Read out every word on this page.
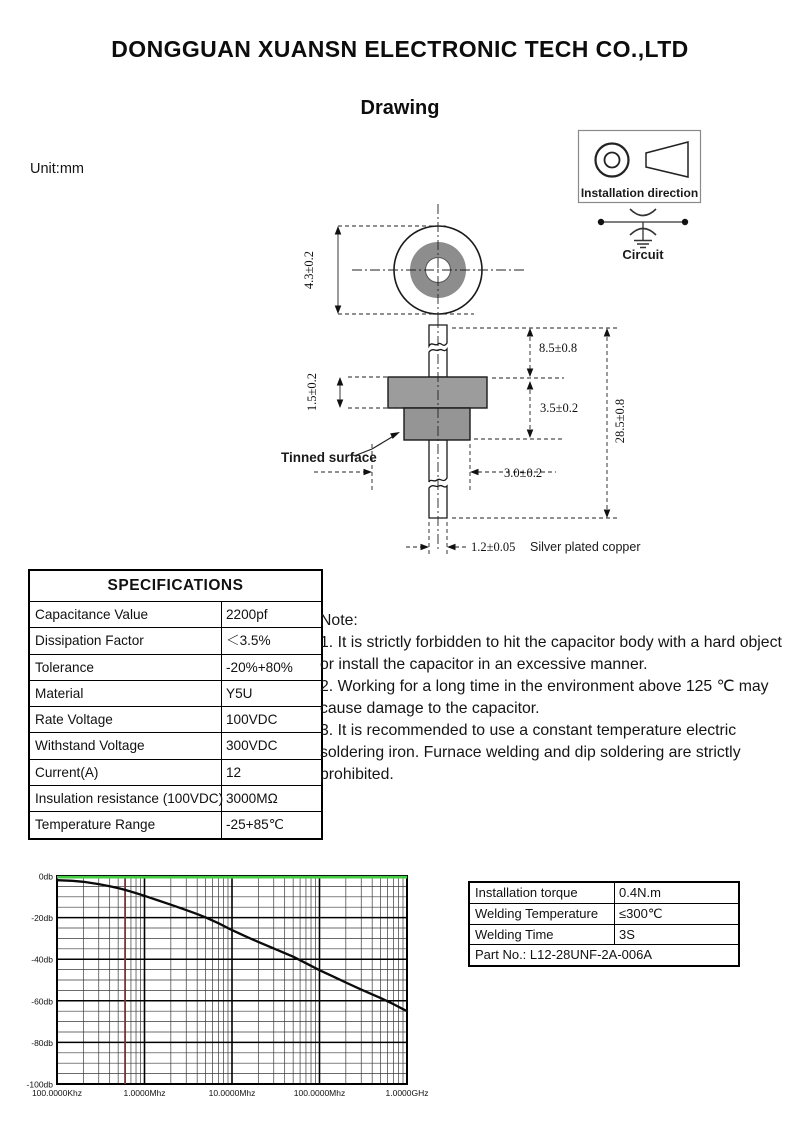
DONGGUAN XUANSN ELECTRONIC TECH CO.,LTD
Drawing
Unit:mm
Installation direction
Circuit
4.3±0.2
1.5±0.2
8.5±0.8
3.5±0.2	28.5±0.8
3.0±0.2
1.2±0.05 Silver plated copper
Tinned surface
SPECIFICATIONS
Capacitance Value	2200pf
Dissipation Factor	＜3.5%
Tolerance	-20%+80%
Material	Y5U
Rate Voltage	100VDC
Withstand Voltage	300VDC
Current(A)	12
Insulation resistance (100VDC) 3000MΩ
Temperature Range	-25+85℃
Note:
1. It is strictly forbidden to hit the capacitor body with a hard object or install the capacitor in an excessive manner.
2. Working for a long time in the environment above 125 ℃ may cause damage to the capacitor.
3. It is recommended to use a constant temperature electric soldering iron. Furnace welding and dip soldering are strictly prohibited.
0db
-20db
-40db
-60db
-80db
-100db
100.0000Khz	1.0000Mhz	10.0000Mhz	100.0000Mhz	1.0000GHz
Installation torque	0.4N.m
Welding Temperature	≤300℃
Welding Time	3S
Part No.: L12-28UNF-2A-006A
